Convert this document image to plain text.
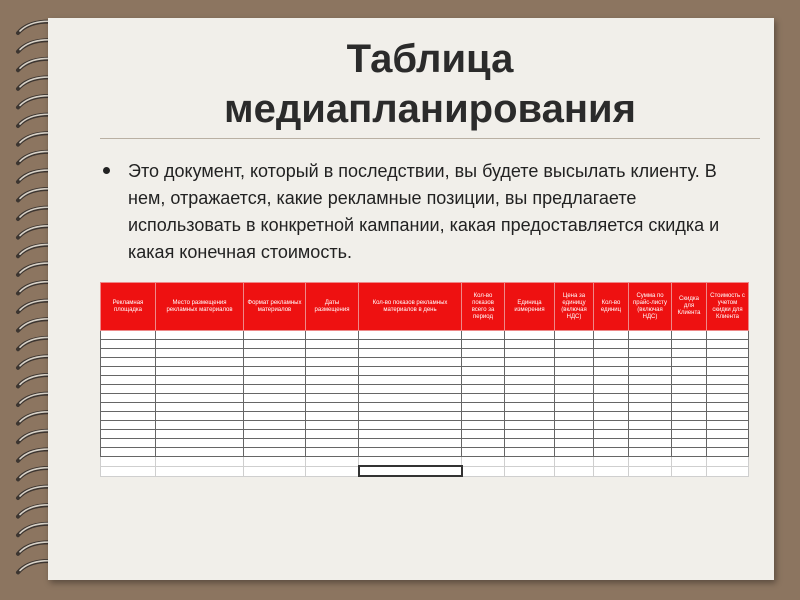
Таблица
медиапланирования
Это документ, который в последствии, вы будете высылать клиенту. В нем, отражается, какие рекламные позиции, вы предлагаете использовать в конкретной кампании, какая предоставляется скидка и какая конечная стоимость.
Рекламная площадка	Место размещения рекламных материалов	Формат рекламных материалов	Даты размещения	Кол-во показов рекламных материалов в день	Кол-во показов всего за период	Единица измерения	Цена за единицу (включая НДС)	Кол-во единиц	Сумма по прайс-листу (включая НДС)	Скидка для Клиента	Стоимость с учетом скидки для Клиента
